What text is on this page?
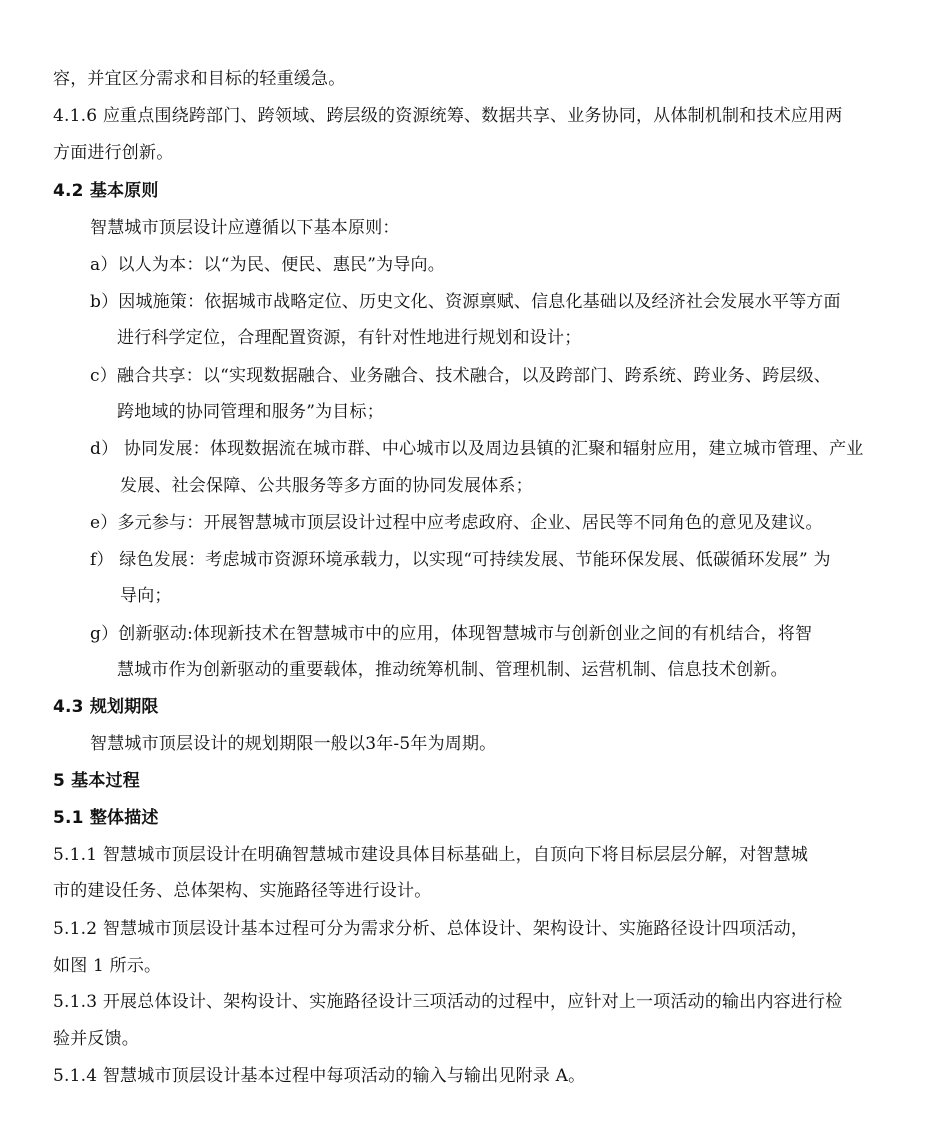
容，并宜区分需求和目标的轻重缓急。
4.1.6 应重点围绕跨部门、跨领域、跨层级的资源统筹、数据共享、业务协同，从体制机制和技术应用两
方面进行创新。
4.2 基本原则
智慧城市顶层设计应遵循以下基本原则：
a）以人为本：以“为民、便民、惠民”为导向。
b）因城施策：依据城市战略定位、历史文化、资源禀赋、信息化基础以及经济社会发展水平等方面
进行科学定位，合理配置资源，有针对性地进行规划和设计；
c）融合共享：以“实现数据融合、业务融合、技术融合，以及跨部门、跨系统、跨业务、跨层级、
跨地域的协同管理和服务”为目标；
d） 协同发展：体现数据流在城市群、中心城市以及周边县镇的汇聚和辐射应用，建立城市管理、产业
发展、社会保障、公共服务等多方面的协同发展体系；
e）多元参与：开展智慧城市顶层设计过程中应考虑政府、企业、居民等不同角色的意见及建议。
f） 绿色发展：考虑城市资源环境承载力，以实现“可持续发展、节能环保发展、低碳循环发展” 为
导向；
g）创新驱动:体现新技术在智慧城市中的应用，体现智慧城市与创新创业之间的有机结合，将智
慧城市作为创新驱动的重要载体，推动统筹机制、管理机制、运营机制、信息技术创新。
4.3 规划期限
智慧城市顶层设计的规划期限一般以3年-5年为周期。
5 基本过程
5.1 整体描述
5.1.1 智慧城市顶层设计在明确智慧城市建设具体目标基础上，自顶向下将目标层层分解，对智慧城
市的建设任务、总体架构、实施路径等进行设计。
5.1.2 智慧城市顶层设计基本过程可分为需求分析、总体设计、架构设计、实施路径设计四项活动，
如图 1 所示。
5.1.3 开展总体设计、架构设计、实施路径设计三项活动的过程中，应针对上一项活动的输出内容进行检
验并反馈。
5.1.4 智慧城市顶层设计基本过程中每项活动的输入与输出见附录 A。
